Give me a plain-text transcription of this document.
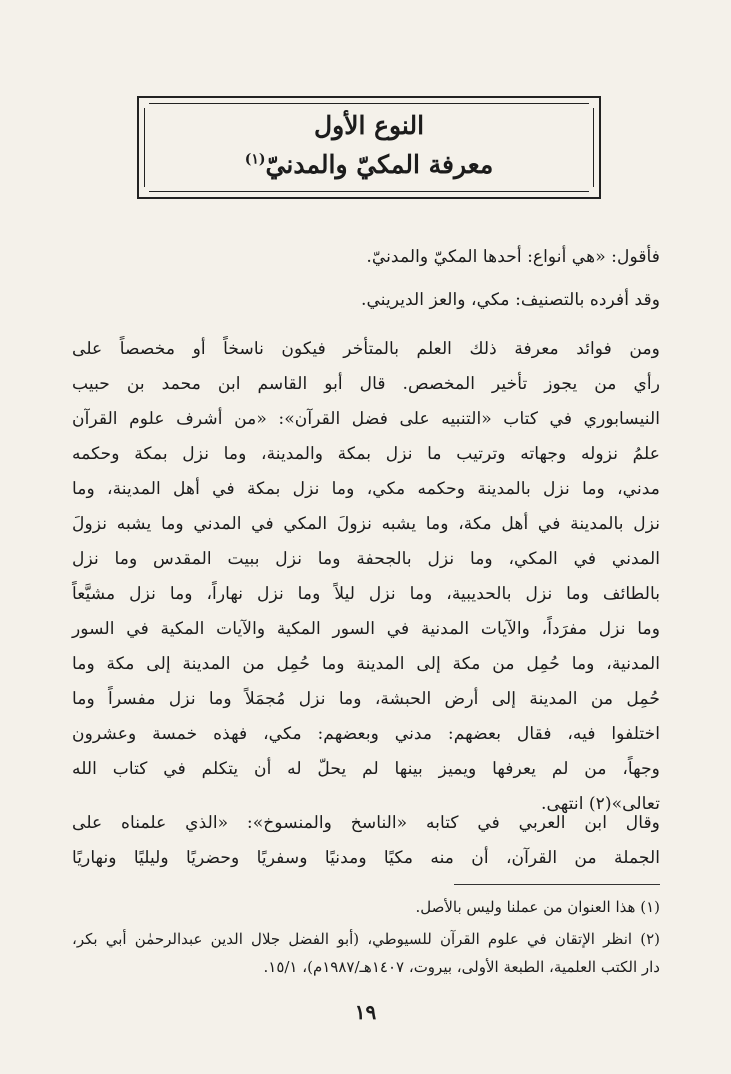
النوع الأول
معرفة المكيّ والمدنيّ$^{(١)}$
فأقول: «هي أنواع: أحدها المكيّ والمدنيّ.
وقد أفرده بالتصنيف: مكي، والعز الديريني.
ومن فوائد معرفة ذلك العلم بالمتأخر فيكون ناسخاً أو مخصصاً على
رأي من يجوز تأخير المخصص. قال أبو القاسم ابن محمد بن حبيب
النيسابوري في كتاب «التنبيه على فضل القرآن»: «من أشرف علوم القرآن
علمُ نزوله وجهاته وترتيب ما نزل بمكة والمدينة، وما نزل بمكة وحكمه
مدني، وما نزل بالمدينة وحكمه مكي، وما نزل بمكة في أهل المدينة، وما
نزل بالمدينة في أهل مكة، وما يشبه نزولَ المكي في المدني وما يشبه نزولَ
المدني في المكي، وما نزل بالجحفة وما نزل ببيت المقدس وما نزل
بالطائف وما نزل بالحديبية، وما نزل ليلاً وما نزل نهاراً، وما نزل مشيَّعاً
وما نزل مفرَداً، والآيات المدنية في السور المكية والآيات المكية في السور
المدنية، وما حُمِل من مكة إلى المدينة وما حُمِل من المدينة إلى مكة وما
حُمِل من المدينة إلى أرض الحبشة، وما نزل مُجمَلاً وما نزل مفسراً وما
اختلفوا فيه، فقال بعضهم: مدني وبعضهم: مكي، فهذه خمسة وعشرون
وجهاً، من لم يعرفها ويميز بينها لم يحلّ له أن يتكلم في كتاب الله
تعالى»(٢) انتهى.
وقال ابن العربي في كتابه «الناسخ والمنسوخ»: «الذي علمناه على
الجملة من القرآن، أن منه مكيًا ومدنيًا وسفريًا وحضريًا وليليًا ونهاريًا
(١) هذا العنوان من عملنا وليس بالأصل.
(٢) انظر الإتقان في علوم القرآن للسيوطي، (أبو الفضل جلال الدين عبدالرحمٰن أبي بكر،
دار الكتب العلمية، الطبعة الأولى، بيروت، ١٤٠٧هـ/١٩٨٧م)، ١٥/١.
١٩
